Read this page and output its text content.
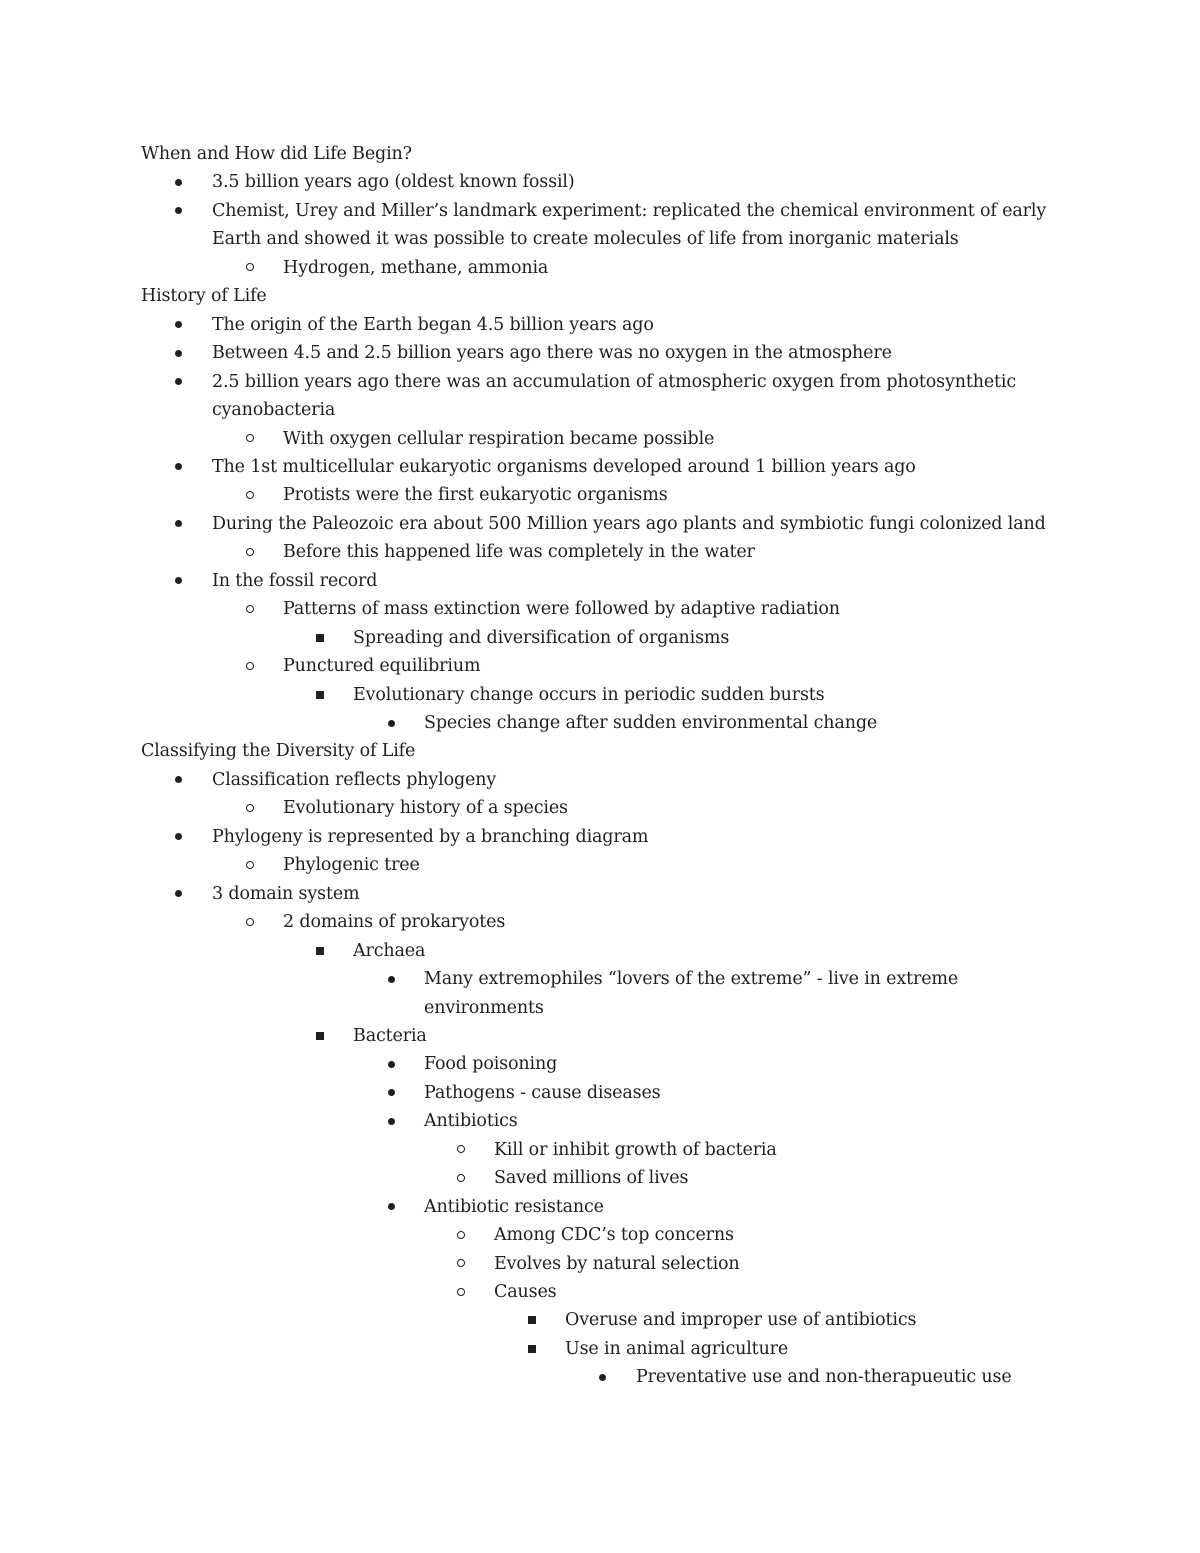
When and How did Life Begin?
3.5 billion years ago (oldest known fossil)
Chemist, Urey and Miller’s landmark experiment: replicated the chemical environment of early
Earth and showed it was possible to create molecules of life from inorganic materials
Hydrogen, methane, ammonia
History of Life
The origin of the Earth began 4.5 billion years ago
Between 4.5 and 2.5 billion years ago there was no oxygen in the atmosphere
2.5 billion years ago there was an accumulation of atmospheric oxygen from photosynthetic
cyanobacteria
With oxygen cellular respiration became possible
The 1st multicellular eukaryotic organisms developed around 1 billion years ago
Protists were the first eukaryotic organisms
During the Paleozoic era about 500 Million years ago plants and symbiotic fungi colonized land
Before this happened life was completely in the water
In the fossil record
Patterns of mass extinction were followed by adaptive radiation
Spreading and diversification of organisms
Punctured equilibrium
Evolutionary change occurs in periodic sudden bursts
Species change after sudden environmental change
Classifying the Diversity of Life
Classification reflects phylogeny
Evolutionary history of a species
Phylogeny is represented by a branching diagram
Phylogenic tree
3 domain system
2 domains of prokaryotes
Archaea
Many extremophiles “lovers of the extreme” - live in extreme
environments
Bacteria
Food poisoning
Pathogens - cause diseases
Antibiotics
Kill or inhibit growth of bacteria
Saved millions of lives
Antibiotic resistance
Among CDC’s top concerns
Evolves by natural selection
Causes
Overuse and improper use of antibiotics
Use in animal agriculture
Preventative use and non-therapueutic use
